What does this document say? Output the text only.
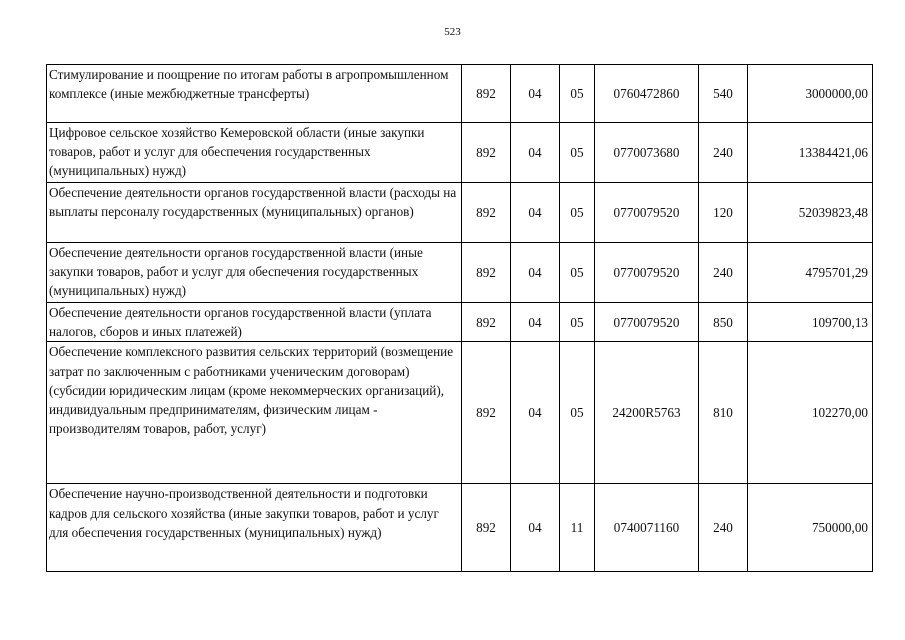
523
Стимулирование и поощрение по итогам работы в агропромышленном комплексе (иные межбюджетные трансферты)	892	04	05	0760472860	540	3000000,00
Цифровое сельское хозяйство Кемеровской области (иные закупки товаров, работ и услуг для обеспечения государственных (муниципальных) нужд)	892	04	05	0770073680	240	13384421,06
Обеспечение деятельности органов государственной власти (расходы на выплаты персоналу государственных (муниципальных) органов)	892	04	05	0770079520	120	52039823,48
Обеспечение деятельности органов государственной власти (иные закупки товаров, работ и услуг для обеспечения государственных (муниципальных) нужд)	892	04	05	0770079520	240	4795701,29
Обеспечение деятельности органов государственной власти (уплата налогов, сборов и иных платежей)	892	04	05	0770079520	850	109700,13
Обеспечение комплексного развития сельских территорий (возмещение затрат по заключенным с работниками ученическим договорам) (субсидии юридическим лицам (кроме некоммерческих организаций), индивидуальным предпринимателям, физическим лицам - производителям товаров, работ, услуг)	892	04	05	24200R5763	810	102270,00
Обеспечение научно-производственной деятельности и подготовки кадров для сельского хозяйства (иные закупки товаров, работ и услуг для обеспечения государственных (муниципальных) нужд)	892	04	11	0740071160	240	750000,00
